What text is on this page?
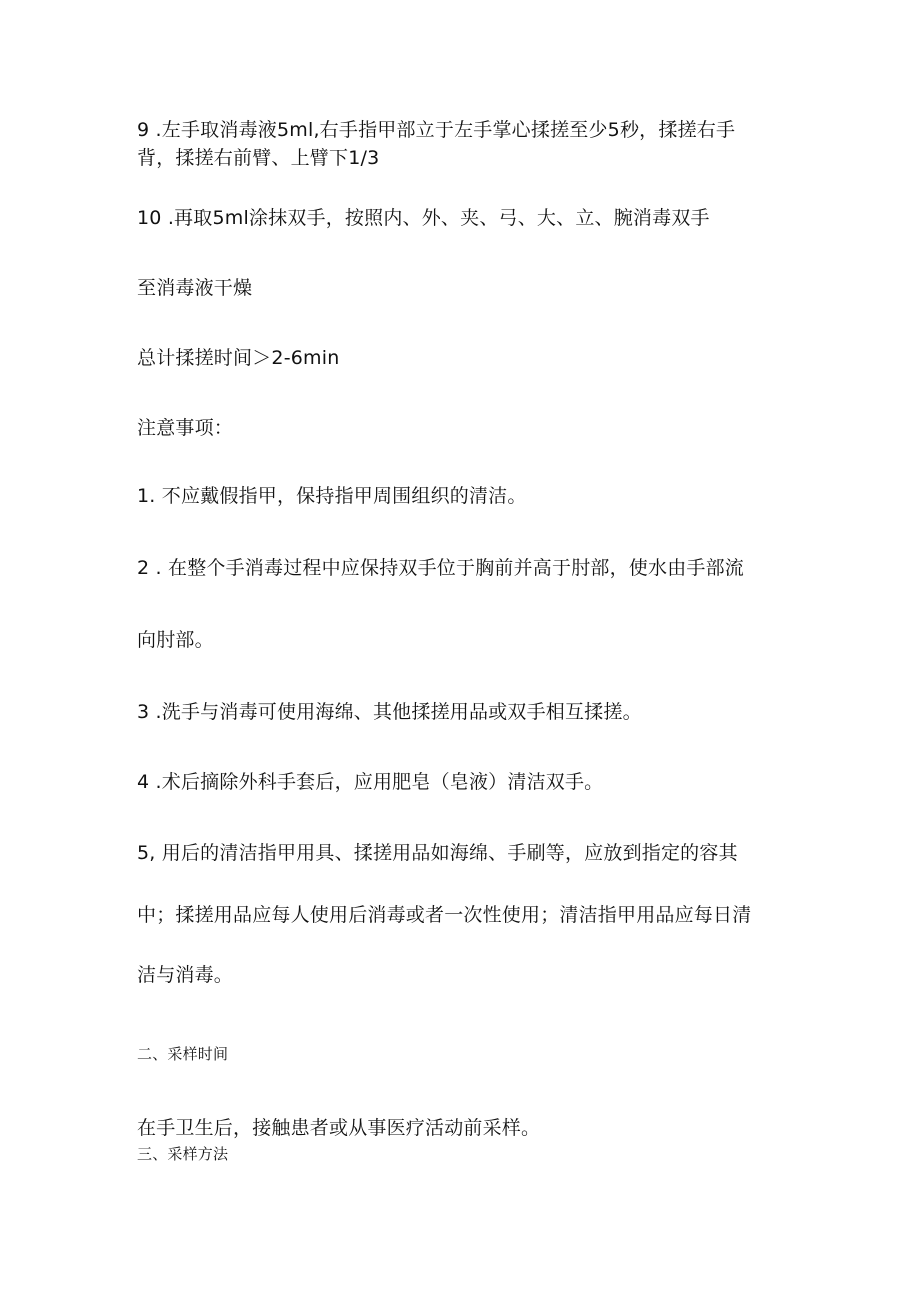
9 .左手取消毒液5ml,右手指甲部立于左手掌心揉搓至少5秒，揉搓右手
背，揉搓右前臂、上臂下1/3
10 .再取5ml涂抹双手，按照内、外、夹、弓、大、立、腕消毒双手
至消毒液干燥
总计揉搓时间＞2-6min
注意事项：
1. 不应戴假指甲，保持指甲周围组织的清洁。
2 . 在整个手消毒过程中应保持双手位于胸前并高于肘部，使水由手部流
向肘部。
3 .洗手与消毒可使用海绵、其他揉搓用品或双手相互揉搓。
4 .术后摘除外科手套后，应用肥皂（皂液）清洁双手。
5, 用后的清洁指甲用具、揉搓用品如海绵、手刷等，应放到指定的容其
中；揉搓用品应每人使用后消毒或者一次性使用；清洁指甲用品应每日清
洁与消毒。
二、采样时间
在手卫生后，接触患者或从事医疗活动前采样。
三、采样方法
